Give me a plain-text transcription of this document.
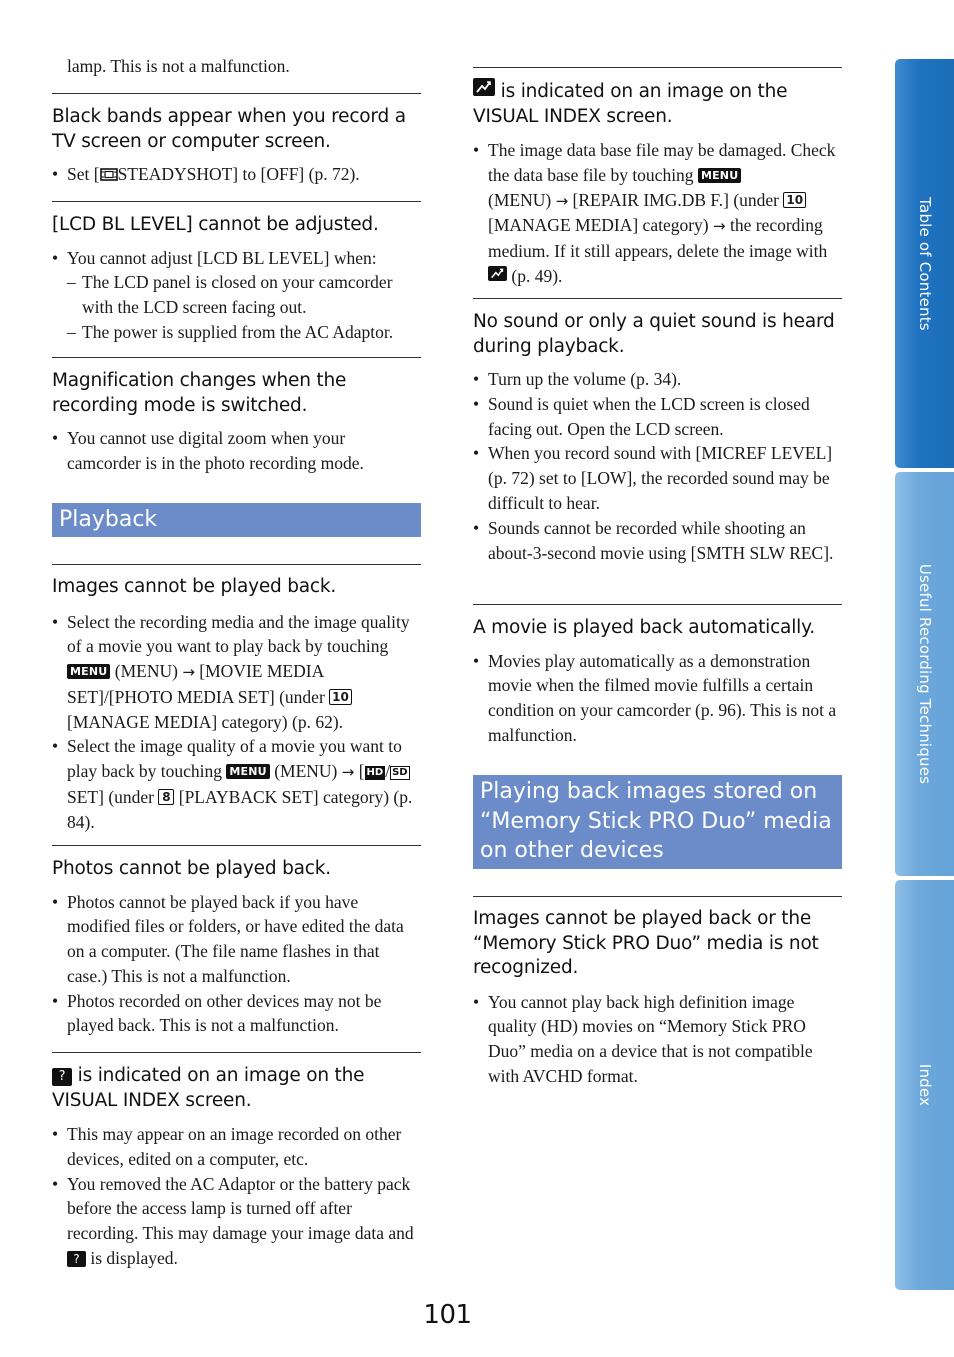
lamp. This is not a malfunction.

Black bands appear when you record a TV screen or computer screen.

• Set [ STEADYSHOT] to [OFF] (p. 72).

[LCD BL LEVEL] cannot be adjusted.

• You cannot adjust [LCD BL LEVEL] when:
– The LCD panel is closed on your camcorder with the LCD screen facing out.
– The power is supplied from the AC Adaptor.

Magnification changes when the recording mode is switched.

• You cannot use digital zoom when your camcorder is in the photo recording mode.
Playback

Images cannot be played back.

• Select the recording media and the image quality of a movie you want to play back by touching MENU (MENU) → [MOVIE MEDIA SET]/[PHOTO MEDIA SET] (under 10 [MANAGE MEDIA] category) (p. 62).
• Select the image quality of a movie you want to play back by touching MENU (MENU) → [ HD / SDSET] (under 8 [PLAYBACK SET] category) (p. 84).

Photos cannot be played back.

• Photos cannot be played back if you have modified files or folders, or have edited the data on a computer. (The file name flashes in that case.) This is not a malfunction.
• Photos recorded on other devices may not be played back. This is not a malfunction.

? is indicated on an image on the VISUAL INDEX screen.

• This may appear on an image recorded on other devices, edited on a computer, etc.
• You removed the AC Adaptor or the battery pack before the access lamp is turned off after recording. This may damage your image data and ? is displayed.

is indicated on an image on the VISUAL INDEX screen.

• The image data base file may be damaged. Check the data base file by touching MENU
(MENU) → [REPAIR IMG.DB F.] (under 10 [MANAGE MEDIA] category) → the recording medium. If it still appears, delete the image with
(p. 49).

No sound or only a quiet sound is heard during playback.

• Turn up the volume (p. 34).
• Sound is quiet when the LCD screen is closed facing out. Open the LCD screen.
• When you record sound with [MICREF LEVEL] (p. 72) set to [LOW], the recorded sound may be difficult to hear.
• Sounds cannot be recorded while shooting an about-3-second movie using [SMTH SLW REC].

A movie is played back automatically.

• Movies play automatically as a demonstration movie when the filmed movie fulfills a certain condition on your camcorder (p. 96). This is not a malfunction.
Playing back images stored on “Memory Stick PRO Duo” media on other devices

Images cannot be played back or the “Memory Stick PRO Duo” media is not recognized.

• You cannot play back high definition image quality (HD) movies on “Memory Stick PRO Duo” media on a device that is not compatible with AVCHD format.
Table of Contents
Useful Recording Techniques
Index
101
